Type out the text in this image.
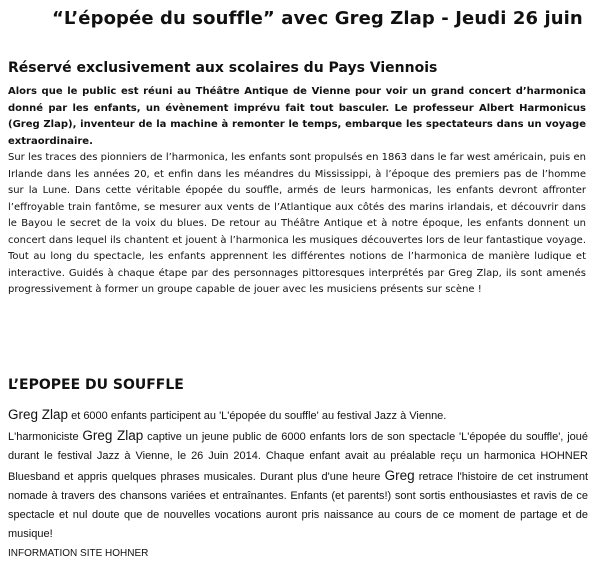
“L’épopée du souffle” avec Greg Zlap - Jeudi 26 juin
Réservé exclusivement aux scolaires du Pays Viennois

Alors que le public est réuni au Théâtre Antique de Vienne pour voir un grand concert d’harmonica donné par les enfants, un évènement imprévu fait tout basculer. Le professeur Albert Harmonicus (Greg Zlap), inventeur de la machine à remonter le temps, embarque les spectateurs dans un voyage extraordinaire.

Sur les traces des pionniers de l’harmonica, les enfants sont propulsés en 1863 dans le far west américain, puis en Irlande dans les années 20, et enfin dans les méandres du Mississippi, à l’époque des premiers pas de l’homme sur la Lune. Dans cette véritable épopée du souffle, armés de leurs harmonicas, les enfants devront affronter l’effroyable train fantôme, se mesurer aux vents de l’Atlantique aux côtés des marins irlandais, et découvrir dans le Bayou le secret de la voix du blues. De retour au Théâtre Antique et à notre époque, les enfants donnent un concert dans lequel ils chantent et jouent à l’harmonica les musiques découvertes lors de leur fantastique voyage. Tout au long du spectacle, les enfants apprennent les différentes notions de l’harmonica de manière ludique et interactive. Guidés à chaque étape par des personnages pittoresques interprétés par Greg Zlap, ils sont amenés progressivement à former un groupe capable de jouer avec les musiciens présents sur scène !

L’EPOPEE DU SOUFFLE

Greg Zlap et 6000 enfants participent au 'L'épopée du souffle' au festival Jazz à Vienne.
L'harmoniciste Greg Zlap captive un jeune public de 6000 enfants lors de son spectacle 'L'épopée du souffle', joué durant le festival Jazz à Vienne, le 26 Juin 2014. Chaque enfant avait au préalable reçu un harmonica HOHNER Bluesband et appris quelques phrases musicales. Durant plus d'une heure Greg retrace l'histoire de cet instrument nomade à travers des chansons variées et entraînantes. Enfants (et parents!) sont sortis enthousiastes et ravis de ce spectacle et nul doute que de nouvelles vocations auront pris naissance au cours de ce moment de partage et de musique!

INFORMATION SITE HOHNER
